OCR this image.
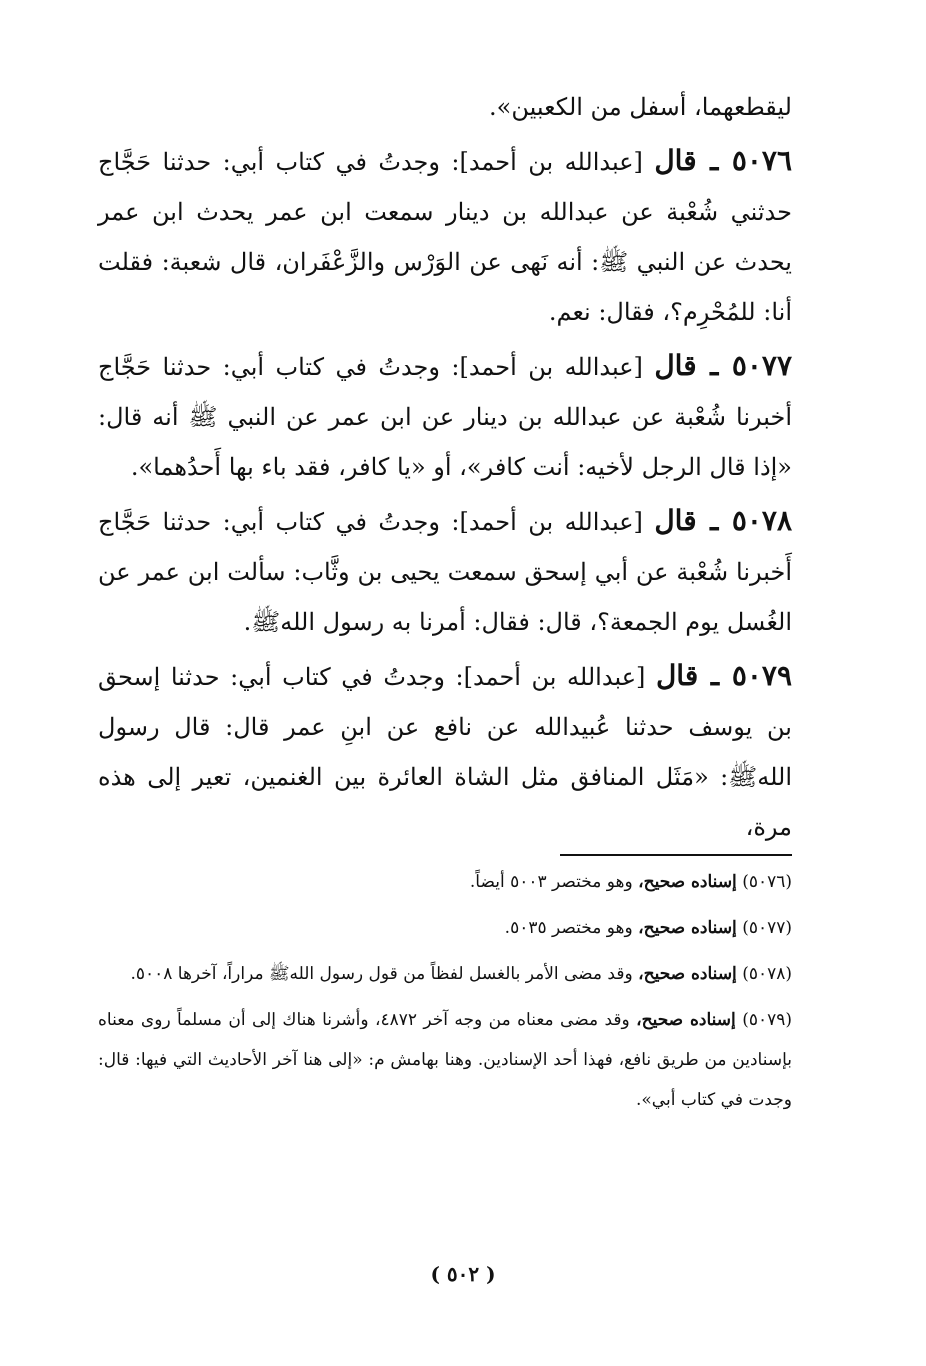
ليقطعهما، أسفل من الكعبين».

٥٠٧٦ ـ قال [عبدالله بن أحمد]: وجدتُ في كتاب أبي: حدثنا حَجَّاج حدثني شُعْبة عن عبدالله بن دينار سمعت ابن عمر يحدث ابن عمر يحدث عن النبي ﷺ: أنه نَهى عن الوَرْس والزَّعْفَران، قال شعبة: فقلت أنا: للمُحْرِم؟، فقال: نعم.

٥٠٧٧ ـ قال [عبدالله بن أحمد]: وجدتُ في كتاب أبي: حدثنا حَجَّاج أخبرنا شُعْبة عن عبدالله بن دينار عن ابن عمر عن النبي ﷺ أنه قال: «إذا قال الرجل لأخيه: أنت كافر»، أو «يا كافر، فقد باء بها أَحدُهما».

٥٠٧٨ ـ قال [عبدالله بن أحمد]: وجدتُ في كتاب أبي: حدثنا حَجَّاج أَخبرنا شُعْبة عن أبي إسحق سمعت يحيى بن وثَّاب: سألت ابن عمر عن الغُسل يوم الجمعة؟، قال: فقال: أمرنا به رسول اللهﷺ.

٥٠٧٩ ـ قال [عبدالله بن أحمد]: وجدتُ في كتاب أبي: حدثنا إسحق بن يوسف حدثنا عُبيدالله عن نافع عن ابنِ عمر قال: قال رسول اللهﷺ: «مَثَل المنافق مثل الشاة العائرة بين الغنمين، تعير إلى هذه مرة،

(٥٠٧٦) إسناده صحيح، وهو مختصر ٥٠٠٣ أيضاً.

(٥٠٧٧) إسناده صحيح، وهو مختصر ٥٠٣٥.

(٥٠٧٨) إسناده صحيح، وقد مضى الأمر بالغسل لفظاً من قول رسول اللهﷺ مراراً، آخرها ٥٠٠٨.

(٥٠٧٩) إسناده صحيح، وقد مضى معناه من وجه آخر ٤٨٧٢، وأشرنا هناك إلى أن مسلماً روى معناه بإسنادين من طريق نافع، فهذا أحد الإسنادين. وهنا بهامش م: «إلى هنا آخر الأحاديث التي فيها: قال: وجدت في كتاب أبي».

( ٥٠٢ )
